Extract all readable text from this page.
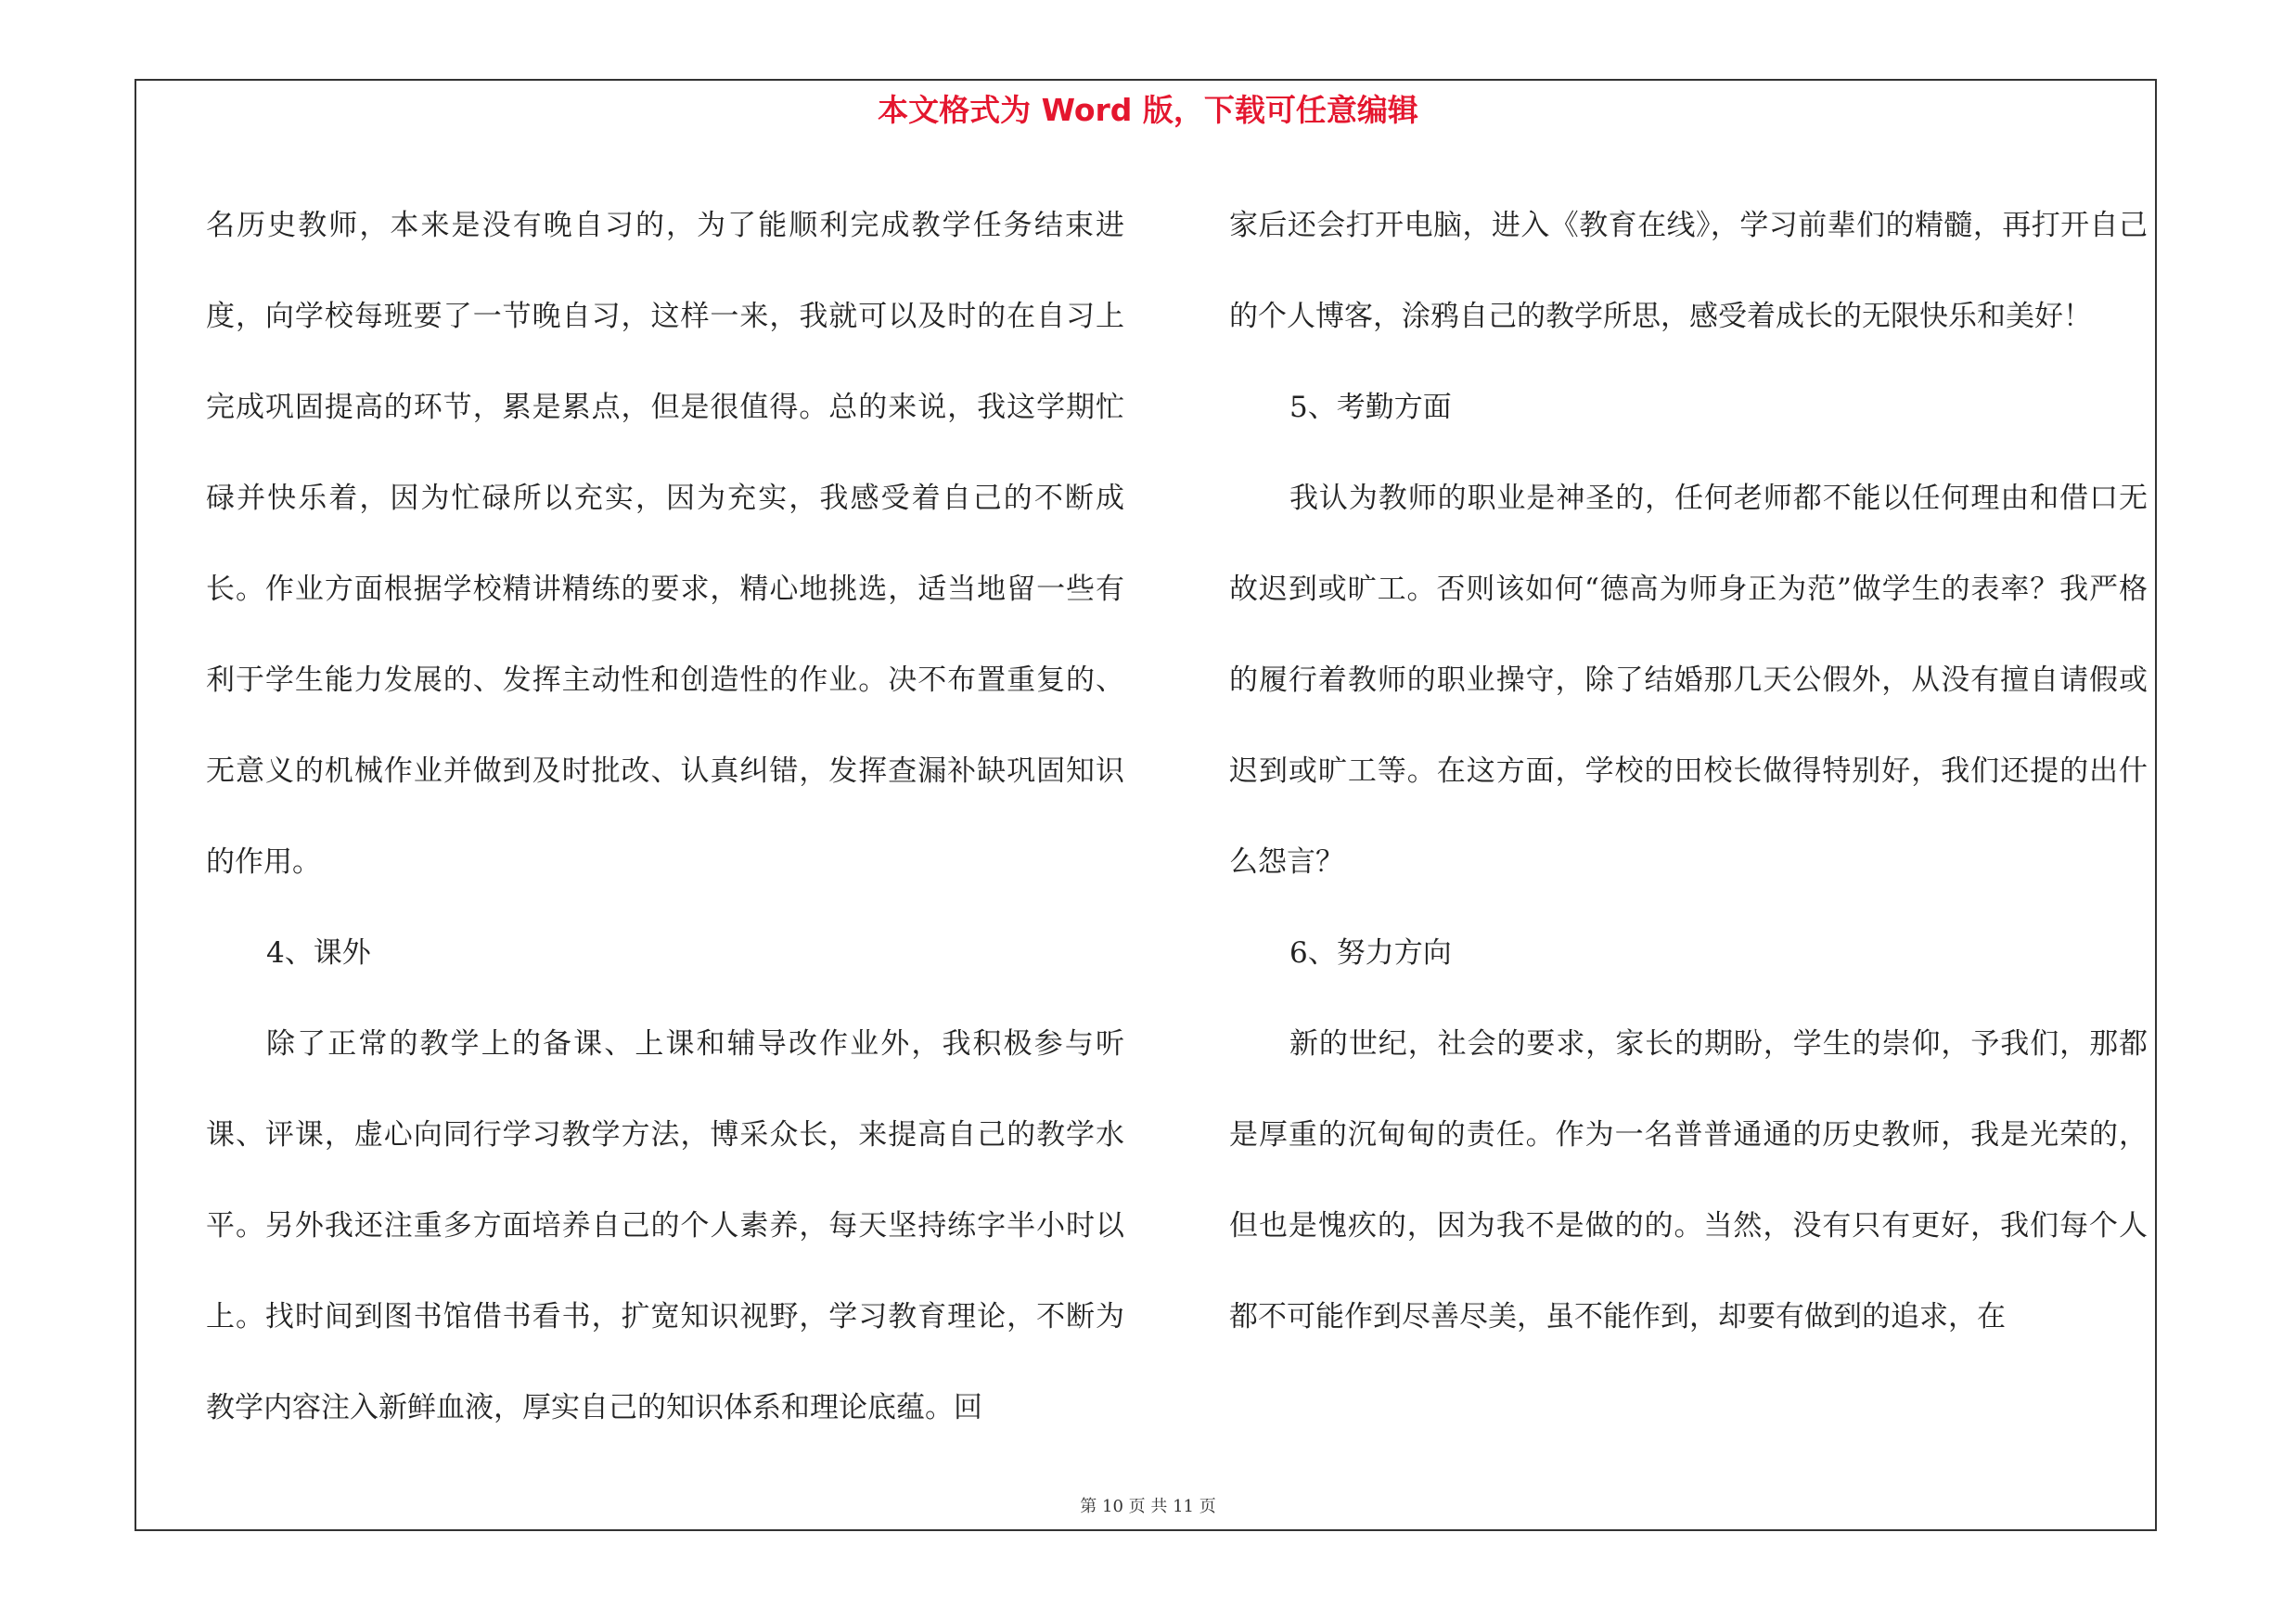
本文格式为 Word 版，下载可任意编辑

名历史教师，本来是没有晚自习的，为了能顺利完成教学任务结束进度，向学校每班要了一节晚自习，这样一来，我就可以及时的在自习上完成巩固提高的环节，累是累点，但是很值得。总的来说，我这学期忙碌并快乐着，因为忙碌所以充实，因为充实，我感受着自己的不断成长。作业方面根据学校精讲精练的要求，精心地挑选，适当地留一些有利于学生能力发展的、发挥主动性和创造性的作业。决不布置重复的、无意义的机械作业并做到及时批改、认真纠错，发挥查漏补缺巩固知识的作用。

4、课外

除了正常的教学上的备课、上课和辅导改作业外，我积极参与听课、评课，虚心向同行学习教学方法，博采众长，来提高自己的教学水平。另外我还注重多方面培养自己的个人素养，每天坚持练字半小时以上。找时间到图书馆借书看书，扩宽知识视野，学习教育理论，不断为教学内容注入新鲜血液，厚实自己的知识体系和理论底蕴。回

家后还会打开电脑，进入《教育在线》，学习前辈们的精髓，再打开自己的个人博客，涂鸦自己的教学所思，感受着成长的无限快乐和美好！

5、考勤方面

我认为教师的职业是神圣的，任何老师都不能以任何理由和借口无故迟到或旷工。否则该如何“德高为师身正为范”做学生的表率？我严格的履行着教师的职业操守，除了结婚那几天公假外，从没有擅自请假或迟到或旷工等。在这方面，学校的田校长做得特别好，我们还提的出什么怨言？

6、努力方向

新的世纪，社会的要求，家长的期盼，学生的崇仰，予我们，那都是厚重的沉甸甸的责任。作为一名普普通通的历史教师，我是光荣的，但也是愧疚的，因为我不是做的的。当然，没有只有更好，我们每个人都不可能作到尽善尽美，虽不能作到，却要有做到的追求，在

第 10 页 共 11 页
